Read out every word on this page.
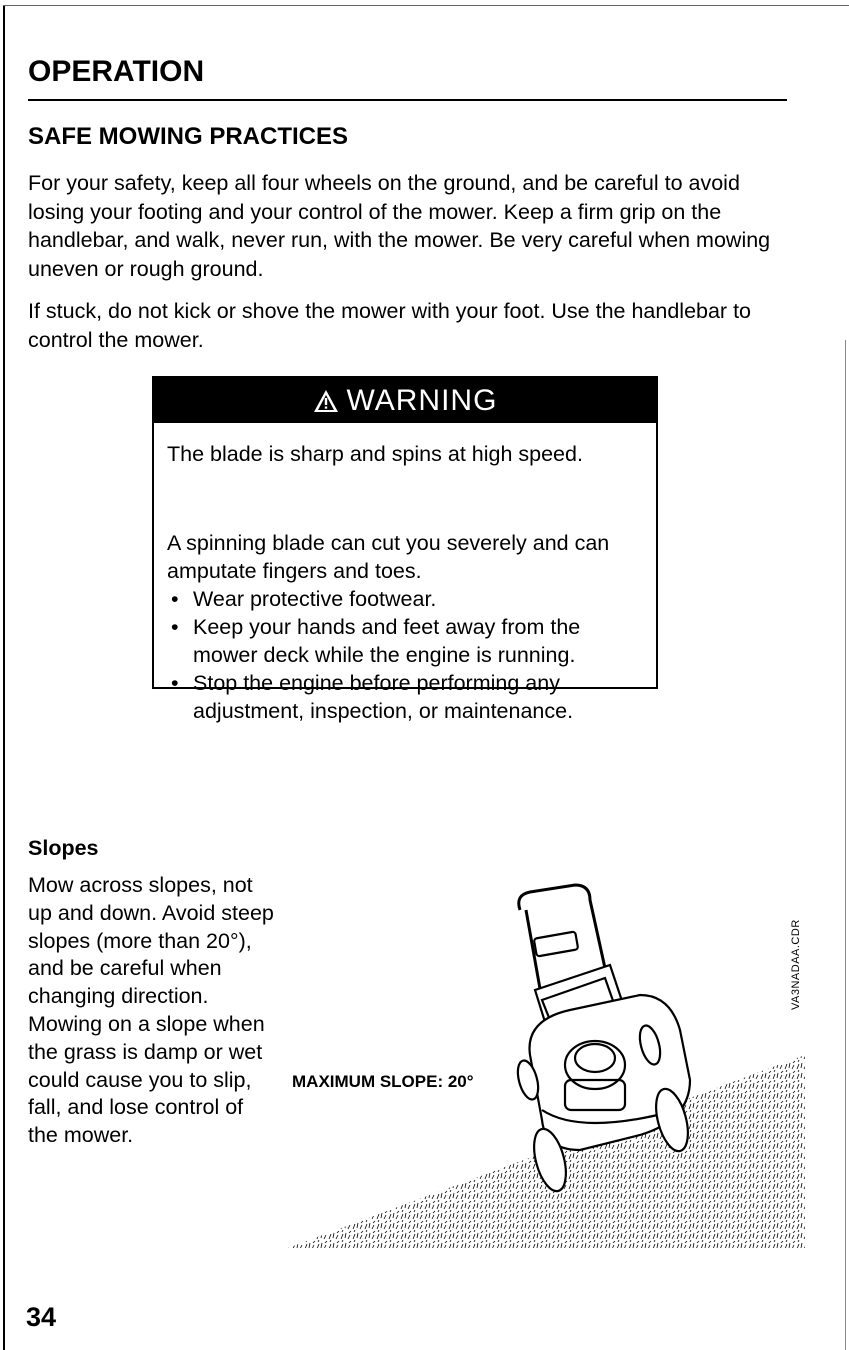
OPERATION
SAFE MOWING PRACTICES

For your safety, keep all four wheels on the ground, and be careful to avoid losing your footing and your control of the mower. Keep a firm grip on the handlebar, and walk, never run, with the mower. Be very careful when mowing uneven or rough ground.

If stuck, do not kick or shove the mower with your foot. Use the handlebar to control the mower.

WARNING
The blade is sharp and spins at high speed.
A spinning blade can cut you severely and can amputate fingers and toes.
• Wear protective footwear.
• Keep your hands and feet away from the mower deck while the engine is running.
• Stop the engine before performing any adjustment, inspection, or maintenance.
Slopes

Mow across slopes, not up and down. Avoid steep slopes (more than 20°), and be careful when changing direction. Mowing on a slope when the grass is damp or wet could cause you to slip, fall, and lose control of the mower.

MAXIMUM SLOPE: 20°
VA3NADAA.CDR
34
